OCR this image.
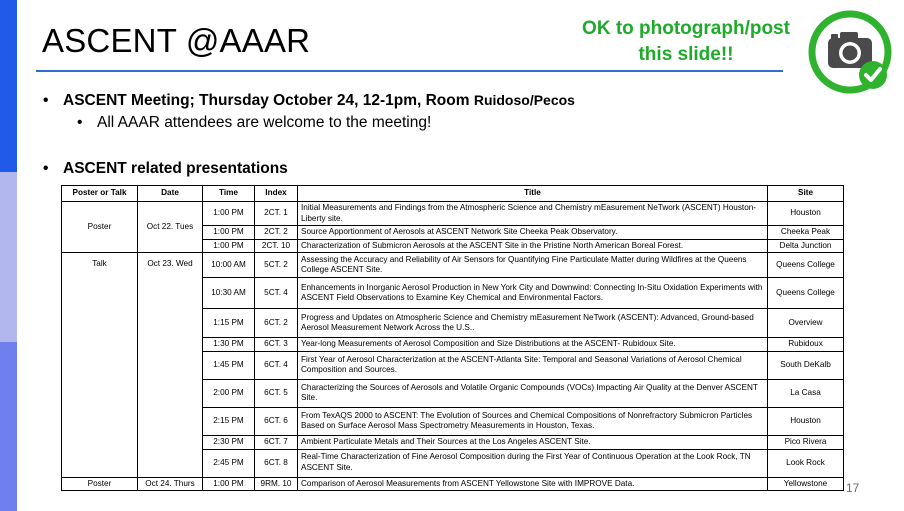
ASCENT @AAAR	OK to photograph/post
this slide!!
• ASCENT Meeting; Thursday October 24, 12-1pm, Room Ruidoso/Pecos
• All AAAR attendees are welcome to the meeting!
• ASCENT related presentations
Poster or Talk	Date	Time	Index	Title	Site
Poster	Oct 22. Tues	1:00 PM	2CT. 1	Initial Measurements and Findings from the Atmospheric Science and Chemistry mEasurement NeTwork (ASCENT) Houston-Liberty site.	Houston
		1:00 PM	2CT. 2	Source Apportionment of Aerosols at ASCENT Network Site Cheeka Peak Observatory.	Cheeka Peak
		1:00 PM	2CT. 10	Characterization of Submicron Aerosols at the ASCENT Site in the Pristine North American Boreal Forest.	Delta Junction
Talk	Oct 23. Wed	10:00 AM	5CT. 2	Assessing the Accuracy and Reliability of Air Sensors for Quantifying Fine Particulate Matter during Wildfires at the Queens College ASCENT Site.	Queens College
		10:30 AM	5CT. 4	Enhancements in Inorganic Aerosol Production in New York City and Downwind: Connecting In-Situ Oxidation Experiments with ASCENT Field Observations to Examine Key Chemical and Environmental Factors.	Queens College
		1:15 PM	6CT. 2	Progress and Updates on Atmospheric Science and Chemistry mEasurement NeTwork (ASCENT): Advanced, Ground-based Aerosol Measurement Network Across the U.S..	Overview
		1:30 PM	6CT. 3	Year-long Measurements of Aerosol Composition and Size Distributions at the ASCENT- Rubidoux Site.	Rubidoux
		1:45 PM	6CT. 4	First Year of Aerosol Characterization at the ASCENT-Atlanta Site: Temporal and Seasonal Variations of Aerosol Chemical Composition and Sources.	South DeKalb
		2:00 PM	6CT. 5	Characterizing the Sources of Aerosols and Volatile Organic Compounds (VOCs) Impacting Air Quality at the Denver ASCENT Site.	La Casa
		2:15 PM	6CT. 6	From TexAQS 2000 to ASCENT: The Evolution of Sources and Chemical Compositions of Nonrefractory Submicron Particles Based on Surface Aerosol Mass Spectrometry Measurements in Houston, Texas.	Houston
		2:30 PM	6CT. 7	Ambient Particulate Metals and Their Sources at the Los Angeles ASCENT Site.	Pico Rivera
		2:45 PM	6CT. 8	Real-Time Characterization of Fine Aerosol Composition during the First Year of Continuous Operation at the Look Rock, TN ASCENT Site.	Look Rock
Poster	Oct 24. Thurs	1:00 PM	9RM. 10	Comparison of Aerosol Measurements from ASCENT Yellowstone Site with IMPROVE Data.	Yellowstone 17
